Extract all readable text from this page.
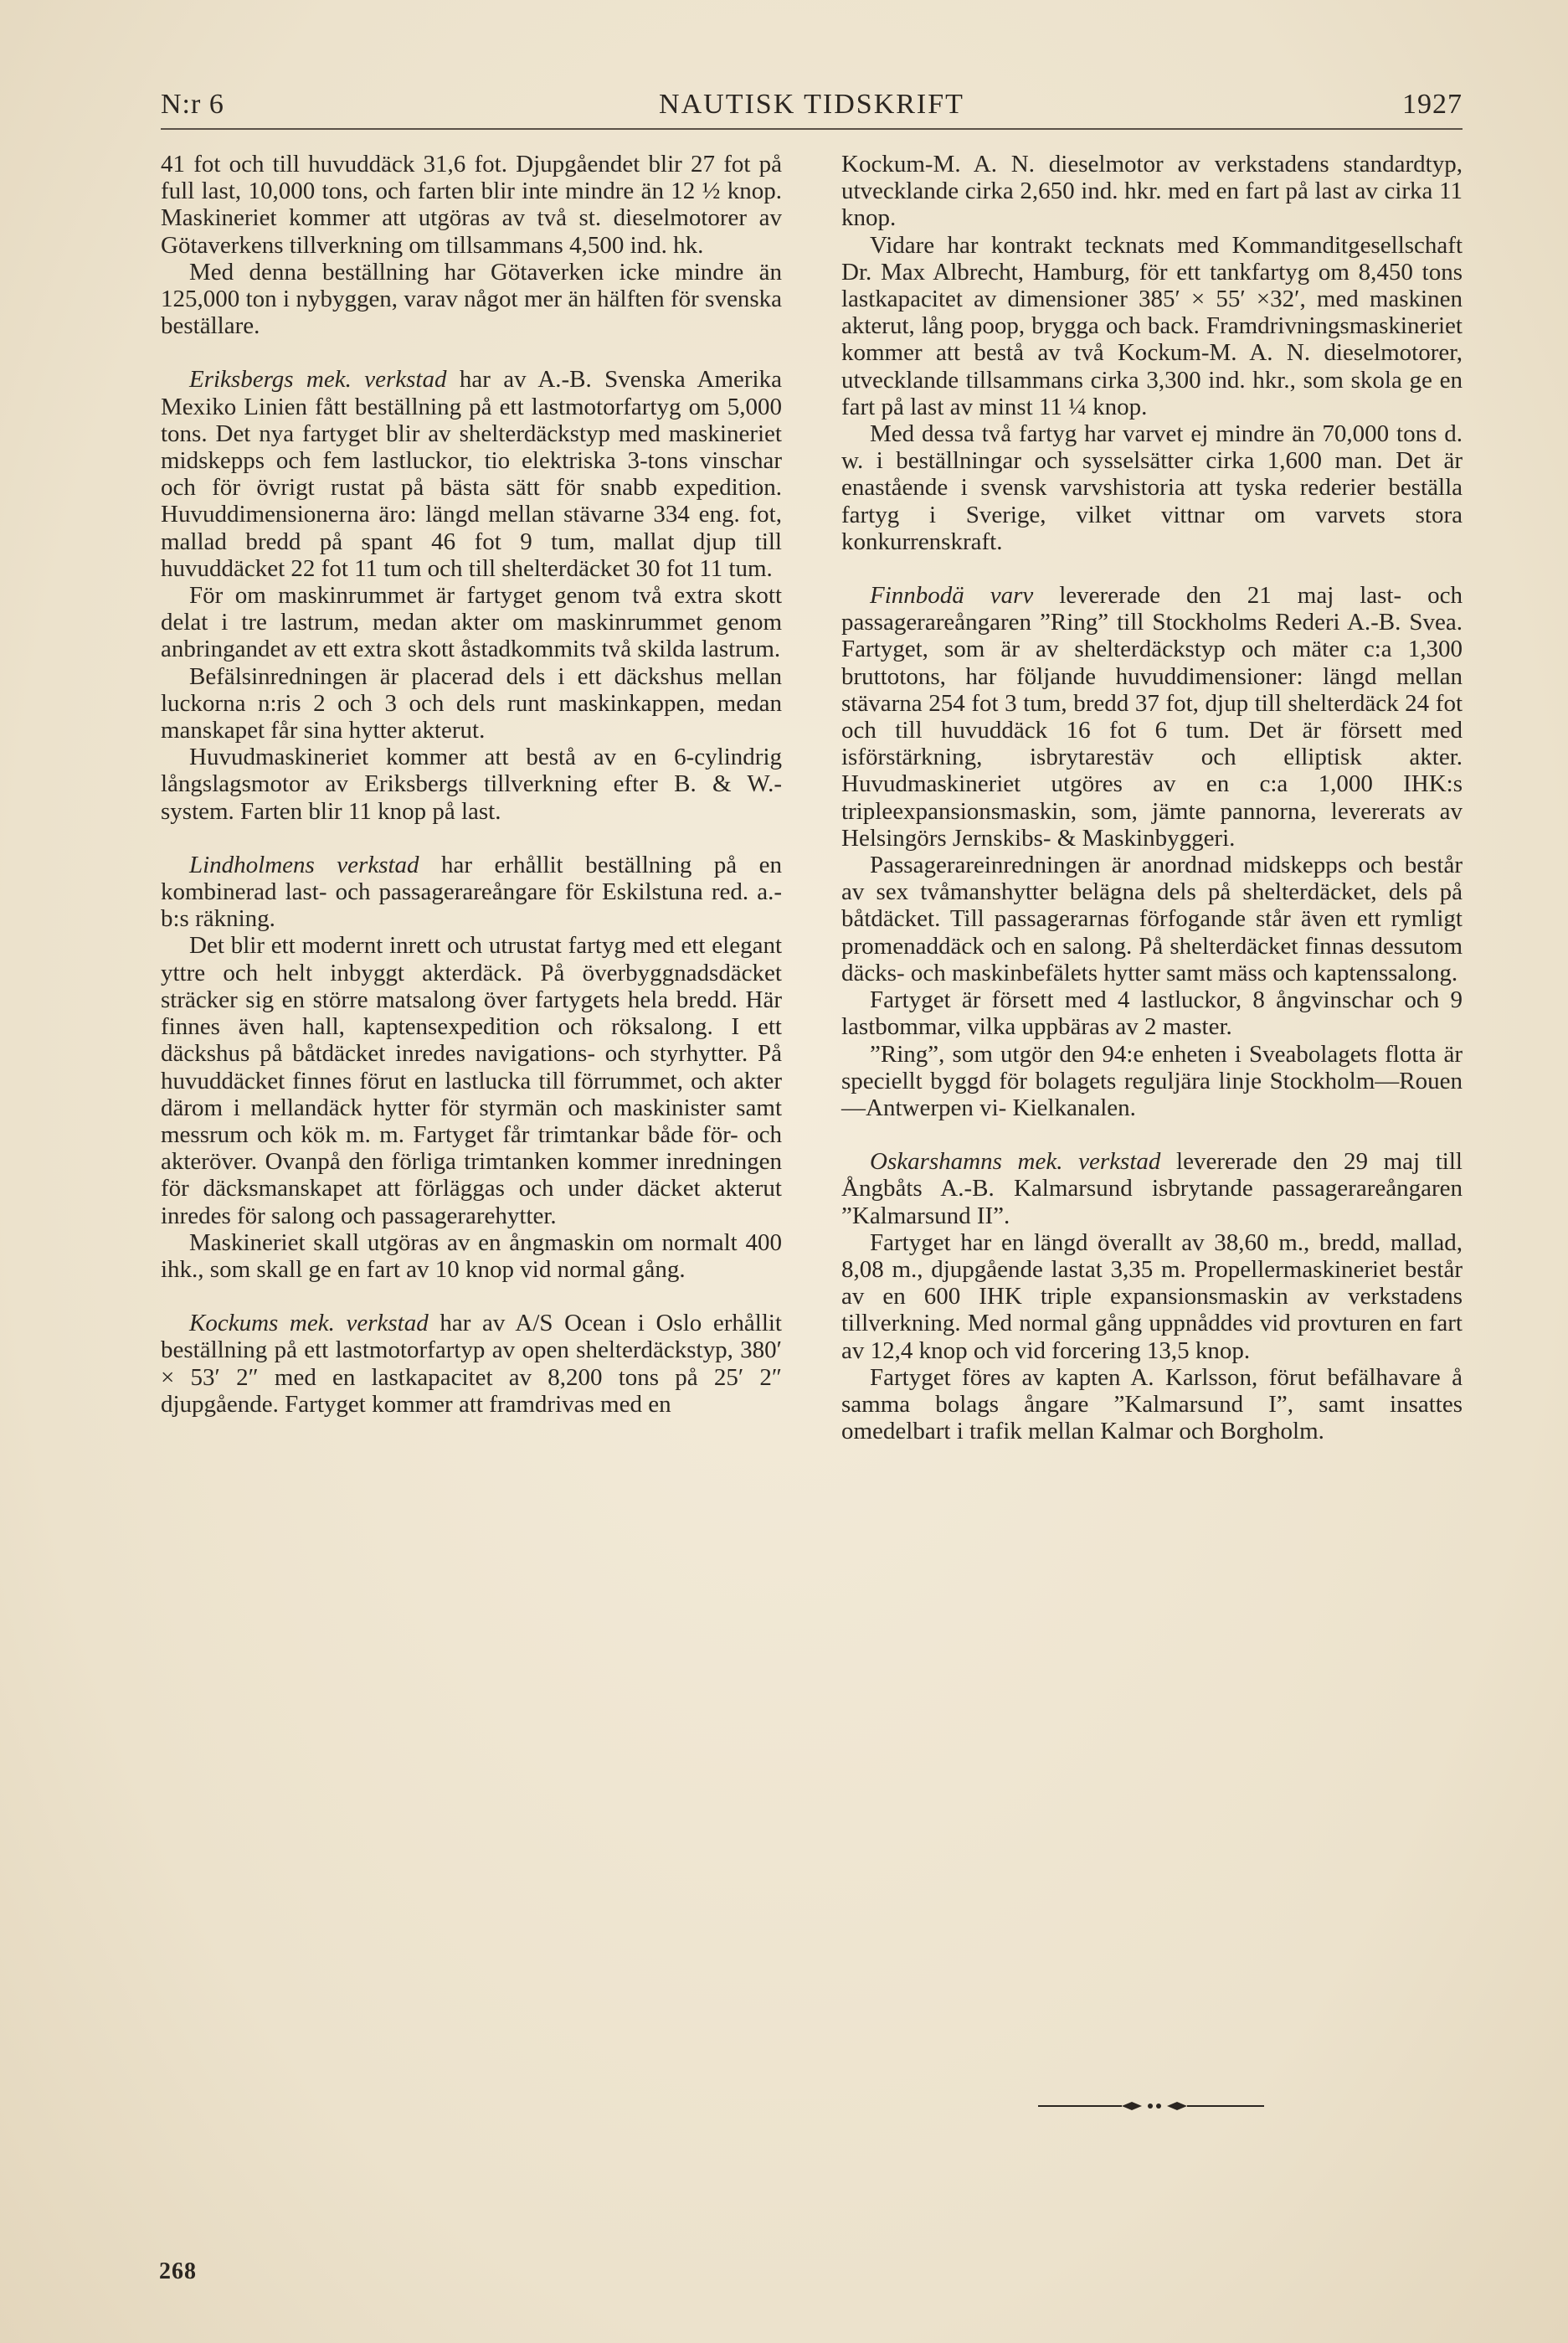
N:r 6	NAUTISK TIDSKRIFT	1927

41 fot och till huvuddäck 31,6 fot. Djupgåendet blir 27 fot på full last, 10,000 tons, och farten blir inte mindre än 12 ½ knop. Maskineriet kommer att utgöras av två st. dieselmotorer av Götaverkens tillverkning om tillsammans 4,500 ind. hk.

Med denna beställning har Götaverken icke mindre än 125,000 ton i nybyggen, varav något mer än hälften för svenska beställare.

Eriksbergs mek. verkstad har av A.-B. Svenska Amerika Mexiko Linien fått beställning på ett lastmotorfartyg om 5,000 tons. Det nya fartyget blir av shelterdäckstyp med maskineriet midskepps och fem lastluckor, tio elektriska 3-tons vinschar och för övrigt rustat på bästa sätt för snabb expedition. Huvuddimensionerna äro: längd mellan stävarne 334 eng. fot, mallad bredd på spant 46 fot 9 tum, mallat djup till huvuddäcket 22 fot 11 tum och till shelterdäcket 30 fot 11 tum.

För om maskinrummet är fartyget genom två extra skott delat i tre lastrum, medan akter om maskinrummet genom anbringandet av ett extra skott åstadkommits två skilda lastrum.

Befälsinredningen är placerad dels i ett däckshus mellan luckorna n:ris 2 och 3 och dels runt maskinkappen, medan manskapet får sina hytter akterut.

Huvudmaskineriet kommer att bestå av en 6-cylindrig långslagsmotor av Eriksbergs tillverkning efter B. & W.-system. Farten blir 11 knop på last.

Lindholmens verkstad har erhållit beställning på en kombinerad last- och passagerareångare för Eskilstuna red. a.-b:s räkning.

Det blir ett modernt inrett och utrustat fartyg med ett elegant yttre och helt inbyggt akterdäck. På överbyggnadsdäcket sträcker sig en större matsalong över fartygets hela bredd. Här finnes även hall, kaptensexpedition och röksalong. I ett däckshus på båtdäcket inredes navigations- och styrhytter. På huvuddäcket finnes förut en lastlucka till förrummet, och akter därom i mellandäck hytter för styrmän och maskinister samt messrum och kök m. m. Fartyget får trimtankar både för- och akteröver. Ovanpå den förliga trimtanken kommer inredningen för däcksmanskapet att förläggas och under däcket akterut inredes för salong och passagerarehytter.

Maskineriet skall utgöras av en ångmaskin om normalt 400 ihk., som skall ge en fart av 10 knop vid normal gång.

Kockums mek. verkstad har av A/S Ocean i Oslo erhållit beställning på ett lastmotorfartyp av open shelterdäckstyp, 380′ × 53′ 2″ med en lastkapacitet av 8,200 tons på 25′ 2″ djupgående. Fartyget kommer att framdrivas med en

Kockum-M. A. N. dieselmotor av verkstadens standardtyp, utvecklande cirka 2,650 ind. hkr. med en fart på last av cirka 11 knop.

Vidare har kontrakt tecknats med Kommanditgesellschaft Dr. Max Albrecht, Hamburg, för ett tankfartyg om 8,450 tons lastkapacitet av dimensioner 385′ × 55′ ×32′, med maskinen akterut, lång poop, brygga och back. Framdrivningsmaskineriet kommer att bestå av två Kockum-M. A. N. dieselmotorer, utvecklande tillsammans cirka 3,300 ind. hkr., som skola ge en fart på last av minst 11 ¼ knop.

Med dessa två fartyg har varvet ej mindre än 70,000 tons d. w. i beställningar och sysselsätter cirka 1,600 man. Det är enastående i svensk varvshistoria att tyska rederier beställa fartyg i Sverige, vilket vittnar om varvets stora konkurrenskraft.

Finnbodä varv levererade den 21 maj last- och passagerareångaren ”Ring” till Stockholms Rederi A.-B. Svea. Fartyget, som är av shelterdäckstyp och mäter c:a 1,300 bruttotons, har följande huvuddimensioner: längd mellan stävarna 254 fot 3 tum, bredd 37 fot, djup till shelterdäck 24 fot och till huvuddäck 16 fot 6 tum. Det är försett med isförstärkning, isbrytarestäv och elliptisk akter. Huvudmaskineriet utgöres av en c:a 1,000 IHK:s tripleexpansionsmaskin, som, jämte pannorna, levererats av Helsingörs Jernskibs- & Maskinbyggeri.

Passagerareinredningen är anordnad midskepps och består av sex tvåmanshytter belägna dels på shelterdäcket, dels på båtdäcket. Till passagerarnas förfogande står även ett rymligt promenaddäck och en salong. På shelterdäcket finnas dessutom däcks- och maskinbefälets hytter samt mäss och kaptenssalong.

Fartyget är försett med 4 lastluckor, 8 ångvinschar och 9 lastbommar, vilka uppbäras av 2 master.

”Ring”, som utgör den 94:e enheten i Sveabolagets flotta är speciellt byggd för bolagets reguljära linje Stockholm—Rouen—Antwerpen vi- Kielkanalen.

Oskarshamns mek. verkstad levererade den 29 maj till Ångbåts A.-B. Kalmarsund isbrytande passagerareångaren ”Kalmarsund II”.

Fartyget har en längd överallt av 38,60 m., bredd, mallad, 8,08 m., djupgående lastat 3,35 m. Propellermaskineriet består av en 600 IHK triple expansionsmaskin av verkstadens tillverkning. Med normal gång uppnåddes vid provturen en fart av 12,4 knop och vid forcering 13,5 knop.

Fartyget föres av kapten A. Karlsson, förut befälhavare å samma bolags ångare ”Kalmarsund I”, samt insattes omedelbart i trafik mellan Kalmar och Borgholm.

268
